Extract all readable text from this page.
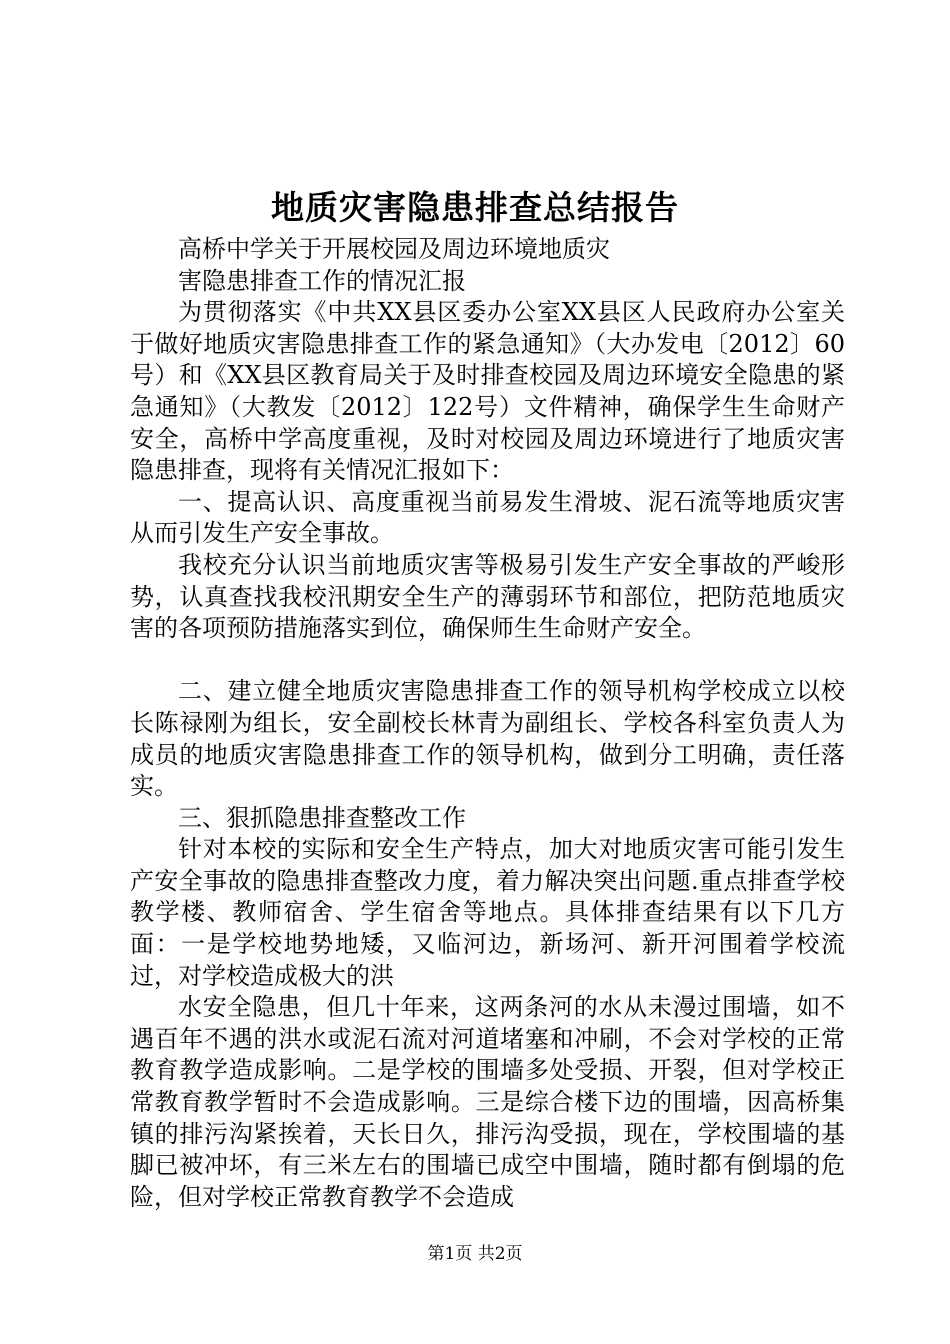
地质灾害隐患排查总结报告

高桥中学关于开展校园及周边环境地质灾

害隐患排查工作的情况汇报

为贯彻落实《中共XX县区委办公室XX县区人民政府办公室关于做好地质灾害隐患排查工作的紧急通知》（大办发电〔2012〕60号）和《XX县区教育局关于及时排查校园及周边环境安全隐患的紧急通知》（大教发〔2012〕122号）文件精神，确保学生生命财产安全，高桥中学高度重视，及时对校园及周边环境进行了地质灾害隐患排查，现将有关情况汇报如下：

一、提高认识、高度重视当前易发生滑坡、泥石流等地质灾害从而引发生产安全事故。

我校充分认识当前地质灾害等极易引发生产安全事故的严峻形势，认真查找我校汛期安全生产的薄弱环节和部位，把防范地质灾害的各项预防措施落实到位，确保师生生命财产安全。

二、建立健全地质灾害隐患排查工作的领导机构学校成立以校长陈禄刚为组长，安全副校长林青为副组长、学校各科室负责人为成员的地质灾害隐患排查工作的领导机构，做到分工明确，责任落实。

三、狠抓隐患排查整改工作

针对本校的实际和安全生产特点，加大对地质灾害可能引发生产安全事故的隐患排查整改力度，着力解决突出问题.重点排查学校教学楼、教师宿舍、学生宿舍等地点。具体排查结果有以下几方面：一是学校地势地矮，又临河边，新场河、新开河围着学校流过，对学校造成极大的洪

水安全隐患，但几十年来，这两条河的水从未漫过围墙，如不遇百年不遇的洪水或泥石流对河道堵塞和冲刷，不会对学校的正常教育教学造成影响。二是学校的围墙多处受损、开裂，但对学校正常教育教学暂时不会造成影响。三是综合楼下边的围墙，因高桥集镇的排污沟紧挨着，天长日久，排污沟受损，现在，学校围墙的基脚已被冲坏，有三米左右的围墙已成空中围墙，随时都有倒塌的危险，但对学校正常教育教学不会造成

第1页 共2页
